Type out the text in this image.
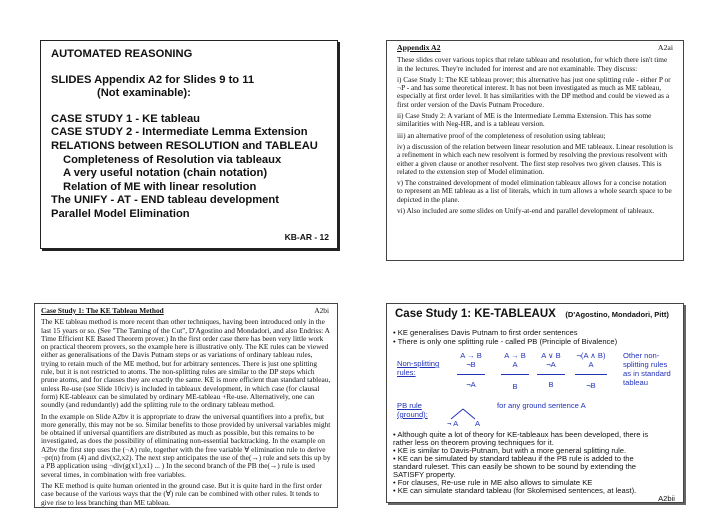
AUTOMATED REASONING
SLIDES Appendix A2 for Slides 9 to 11
(Not examinable):
CASE STUDY 1 - KE tableau
CASE STUDY 2 - Intermediate Lemma Extension
RELATIONS between RESOLUTION and TABLEAU
Completeness of Resolution via tableaux
A very useful notation (chain notation)
Relation of ME with linear resolution
The UNIFY - AT - END tableau development
Parallel Model Elimination
KB-AR - 12
A2ai
Appendix A2

These slides cover various topics that relate tableau and resolution, for which there isn't time in the lectures. They're included for interest and are not examinable. They discuss:

i) Case Study 1: The KE tableau prover; this alternative has just one splitting rule - either P or ¬P - and has some theoretical interest. It has not been investigated as much as ME tableau, especially at first order level. It has similarities with the DP method and could be viewed as a first order version of the Davis Putnam Procedure.

ii) Case Study 2: A variant of ME is the Intermediate Lemma Extension. This has some similarities with Neg-HR, and is a tableau version.

iii) an alternative proof of the completeness of resolution using tableau;

iv) a discussion of the relation between linear resolution and ME tableaux. Linear resolution is a refinement in which each new resolvent is formed by resolving the previous resolvent with either a given clause or another resolvent. The first step resolves two given clauses. This is related to the extension step of Model elimination.

v) The constrained development of model elimination tableaux allows for a concise notation to represent an ME tableau as a list of literals, which in turn allows a whole search space to be depicted in the plane.

vi) Also included are some slides on Unify-at-end and parallel development of tableaux.

A2bi
Case Study 1: The KE Tableau Method

The KE tableau method is more recent than other techniques, having been introduced only in the last 15 years or so. (See "The Taming of the Cut", D'Agostino and Mondadori, and also Endriss: A Time Efficient KE Based Theorem prover.) In the first order case there has been very little work on practical theorem provers, so the example here is illustrative only. The KE rules can be viewed either as generalisations of the Davis Putnam steps or as variations of ordinary tableau rules, trying to retain much of the ME method, but for arbitrary sentences. There is just one splitting rule, but it is not restricted to atoms. The non-splitting rules are similar to the DP steps which prune atoms, and for clauses they are exactly the same. KE is more efficient than standard tableau, unless Re-use (see Slide 10civ) is included in tableaux development, in which case (for clausal form) KE-tableaux can be simulated by ordinary ME-tableau +Re-use. Alternatively, one can soundly (and redundantly) add the splitting rule to the ordinary tableau method.

In the example on Slide A2bv it is appropriate to draw the universal quantifiers into a prefix, but more generally, this may not be so. Similar benefits to those provided by universal variables might be obtained if universal quantifiers are distributed as much as possible, but this remains to be investigated, as does the possibility of eliminating non-essential backtracking. In the example on A2bv the first step uses the (¬∧) rule, together with the free variable ∀ elimination rule to derive ¬pr(n) from (4) and div(x2,x2). The next step anticipates the use of the(→) rule and sets this up by a PB application using ¬div(g(x1),x1) ... ) In the second branch of the PB the(→) rule is used several times, in combination with free variables.

The KE method is quite human oriented in the ground case. But it is quite hard in the first order case because of the various ways that the (∀) rule can be combined with other rules. It tends to give rise to less branching than ME tableau.

Case Study 1: KE-TABLEAUX (D'Agostino, Mondadori, Pitt)
• KE generalises Davis Putnam to first order sentences
• There is only one splitting rule - called PB (Principle of Bivalence)
Non-splitting
rules:
A → B
¬B
¬A
A → B
A
B
A ∨ B
¬A
B
¬(A ∧ B)
A
¬B
Other non-
splitting rules
as in standard
tableau
PB rule
(ground):
for any ground sentence A
¬ A A
• Although quite a lot of theory for KE-tableaux has been developed, there is
rather less on theorem proving techniques for it.
• KE is similar to Davis-Putnam, but with a more general splitting rule.
• KE can be simulated by standard tableau if the PB rule is added to the
standard ruleset. This can easily be shown to be sound by extending the
SATISFY property.
• For clauses, Re-use rule in ME also allows to simulate KE
• KE can simulate standard tableau (for Skolemised sentences, at least).
A2bii
